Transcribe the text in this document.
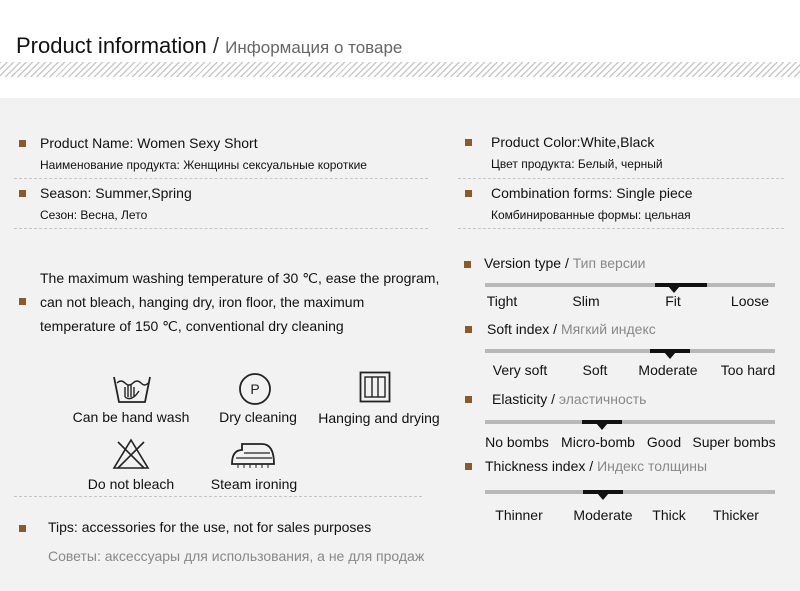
Product information / Информация о товаре
Product Name: Women Sexy Short
Наименование продукта: Женщины сексуальные короткие
Season: Summer,Spring
Сезон: Весна, Лето
The maximum washing temperature of 30 ℃, ease the program,
can not bleach, hanging dry, iron floor, the maximum
temperature of 150 ℃, conventional dry cleaning
P
Can be hand wash Dry cleaning Hanging and drying
Do not bleach	Steam ironing
Tips: accessories for the use, not for sales purposes
Советы: аксессуары для использования, а не для продаж
Product Color:White,Black
Цвет продукта: Белый, черный
Combination forms: Single piece
Комбинированные формы: цельная
Version type / Тип версии
Tight	Slim	Fit	Loose
Soft index / Мягкий индекс
Very soft	Soft Moderate Too hard
Elasticity / эластичность
No bombs Micro-bomb Good Super bombs
Thickness index / Индекс толщины
Thinner Moderate Thick Thicker
